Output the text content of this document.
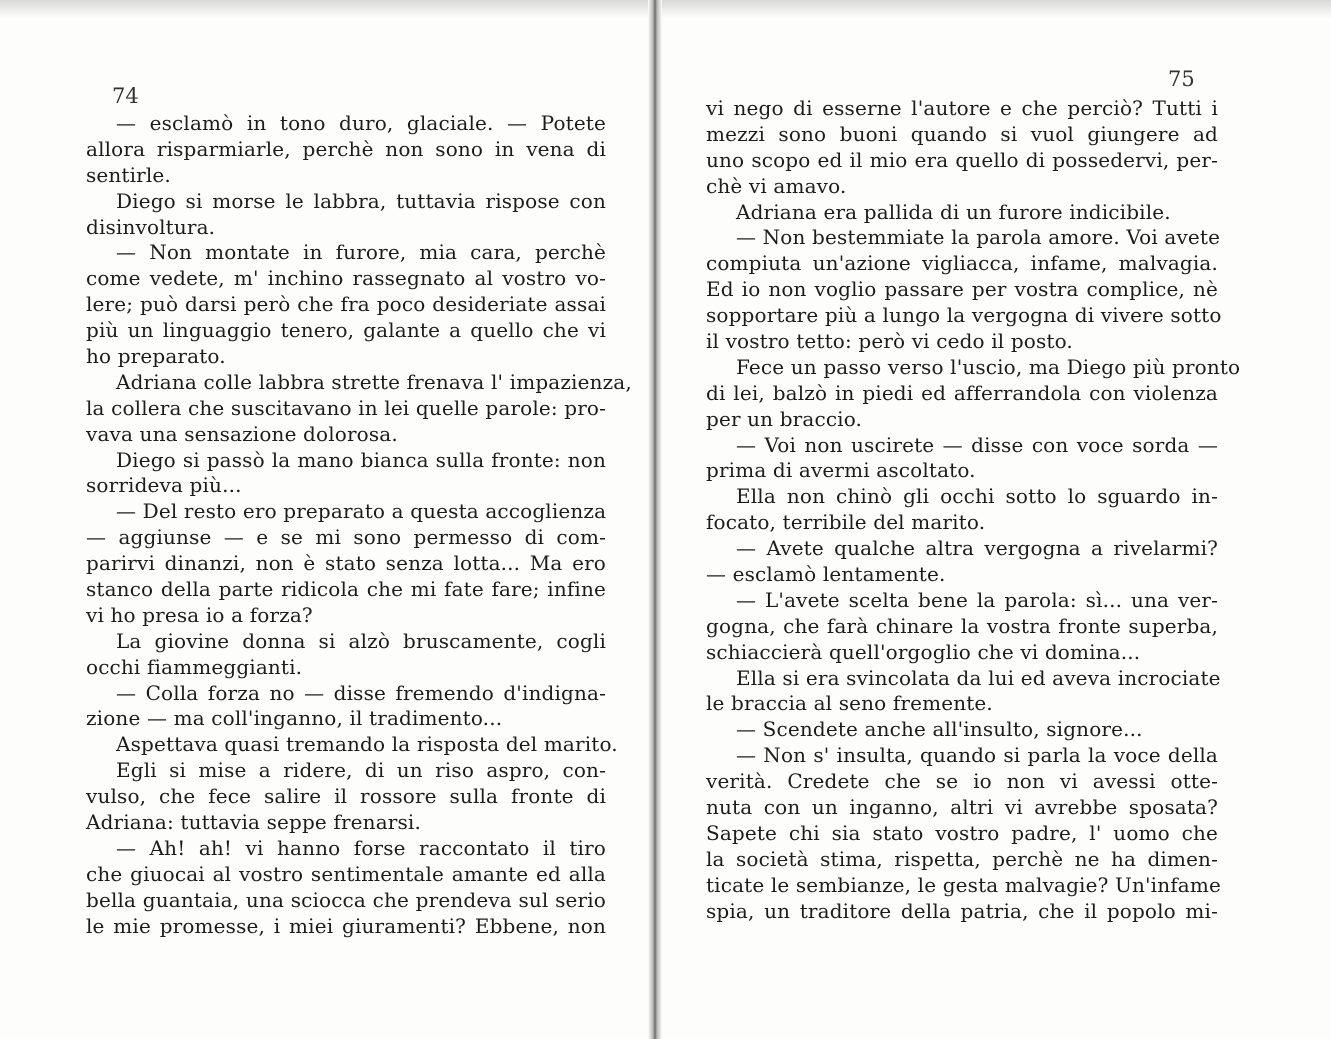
74
— esclamò in tono duro, glaciale. — Potete
allora risparmiarle, perchè non sono in vena di
sentirle.
Diego si morse le labbra, tuttavia rispose con
disinvoltura.
— Non montate in furore, mia cara, perchè
come vedete, m' inchino rassegnato al vostro vo-
lere; può darsi però che fra poco desideriate assai
più un linguaggio tenero, galante a quello che vi
ho preparato.
Adriana colle labbra strette frenava l' impazienza,
la collera che suscitavano in lei quelle parole: pro-
vava una sensazione dolorosa.
Diego si passò la mano bianca sulla fronte: non
sorrideva più...
— Del resto ero preparato a questa accoglienza
— aggiunse — e se mi sono permesso di com-
parirvi dinanzi, non è stato senza lotta... Ma ero
stanco della parte ridicola che mi fate fare; infine
vi ho presa io a forza?
La giovine donna si alzò bruscamente, cogli
occhi fiammeggianti.
— Colla forza no — disse fremendo d'indigna-
zione — ma coll'inganno, il tradimento...
Aspettava quasi tremando la risposta del marito.
Egli si mise a ridere, di un riso aspro, con-
vulso, che fece salire il rossore sulla fronte di
Adriana: tuttavia seppe frenarsi.
— Ah! ah! vi hanno forse raccontato il tiro
che giuocai al vostro sentimentale amante ed alla
bella guantaia, una sciocca che prendeva sul serio
le mie promesse, i miei giuramenti? Ebbene, non
75
vi nego di esserne l'autore e che perciò? Tutti i
mezzi sono buoni quando si vuol giungere ad
uno scopo ed il mio era quello di possedervi, per-
chè vi amavo.
Adriana era pallida di un furore indicibile.
— Non bestemmiate la parola amore. Voi avete
compiuta un'azione vigliacca, infame, malvagia.
Ed io non voglio passare per vostra complice, nè
sopportare più a lungo la vergogna di vivere sotto
il vostro tetto: però vi cedo il posto.
Fece un passo verso l'uscio, ma Diego più pronto
di lei, balzò in piedi ed afferrandola con violenza
per un braccio.
— Voi non uscirete — disse con voce sorda —
prima di avermi ascoltato.
Ella non chinò gli occhi sotto lo sguardo in-
focato, terribile del marito.
— Avete qualche altra vergogna a rivelarmi?
— esclamò lentamente.
— L'avete scelta bene la parola: sì... una ver-
gogna, che farà chinare la vostra fronte superba,
schiaccierà quell'orgoglio che vi domina...
Ella si era svincolata da lui ed aveva incrociate
le braccia al seno fremente.
— Scendete anche all'insulto, signore...
— Non s' insulta, quando si parla la voce della
verità. Credete che se io non vi avessi otte-
nuta con un inganno, altri vi avrebbe sposata?
Sapete chi sia stato vostro padre, l' uomo che
la società stima, rispetta, perchè ne ha dimen-
ticate le sembianze, le gesta malvagie? Un'infame
spia, un traditore della patria, che il popolo mi-
